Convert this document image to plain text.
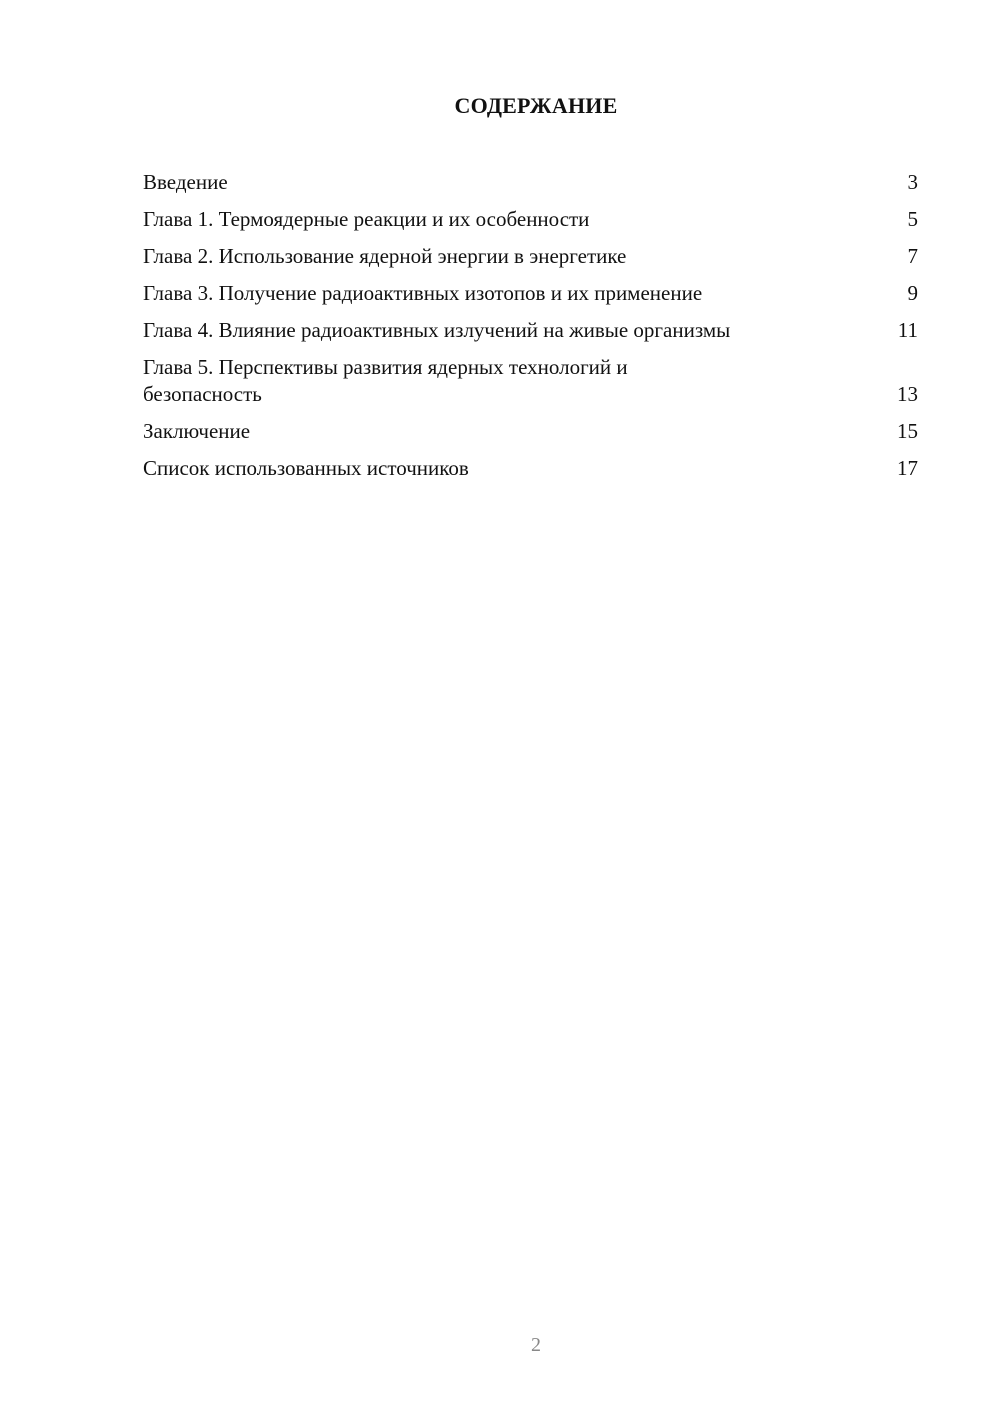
СОДЕРЖАНИЕ
Введение	3
Глава 1. Термоядерные реакции и их особенности	5
Глава 2. Использование ядерной энергии в энергетике	7
Глава 3. Получение радиоактивных изотопов и их применение	9
Глава 4. Влияние радиоактивных излучений на живые организмы	11
Глава 5. Перспективы развития ядерных технологий и безопасность	13
Заключение	15
Список использованных источников	17
2
